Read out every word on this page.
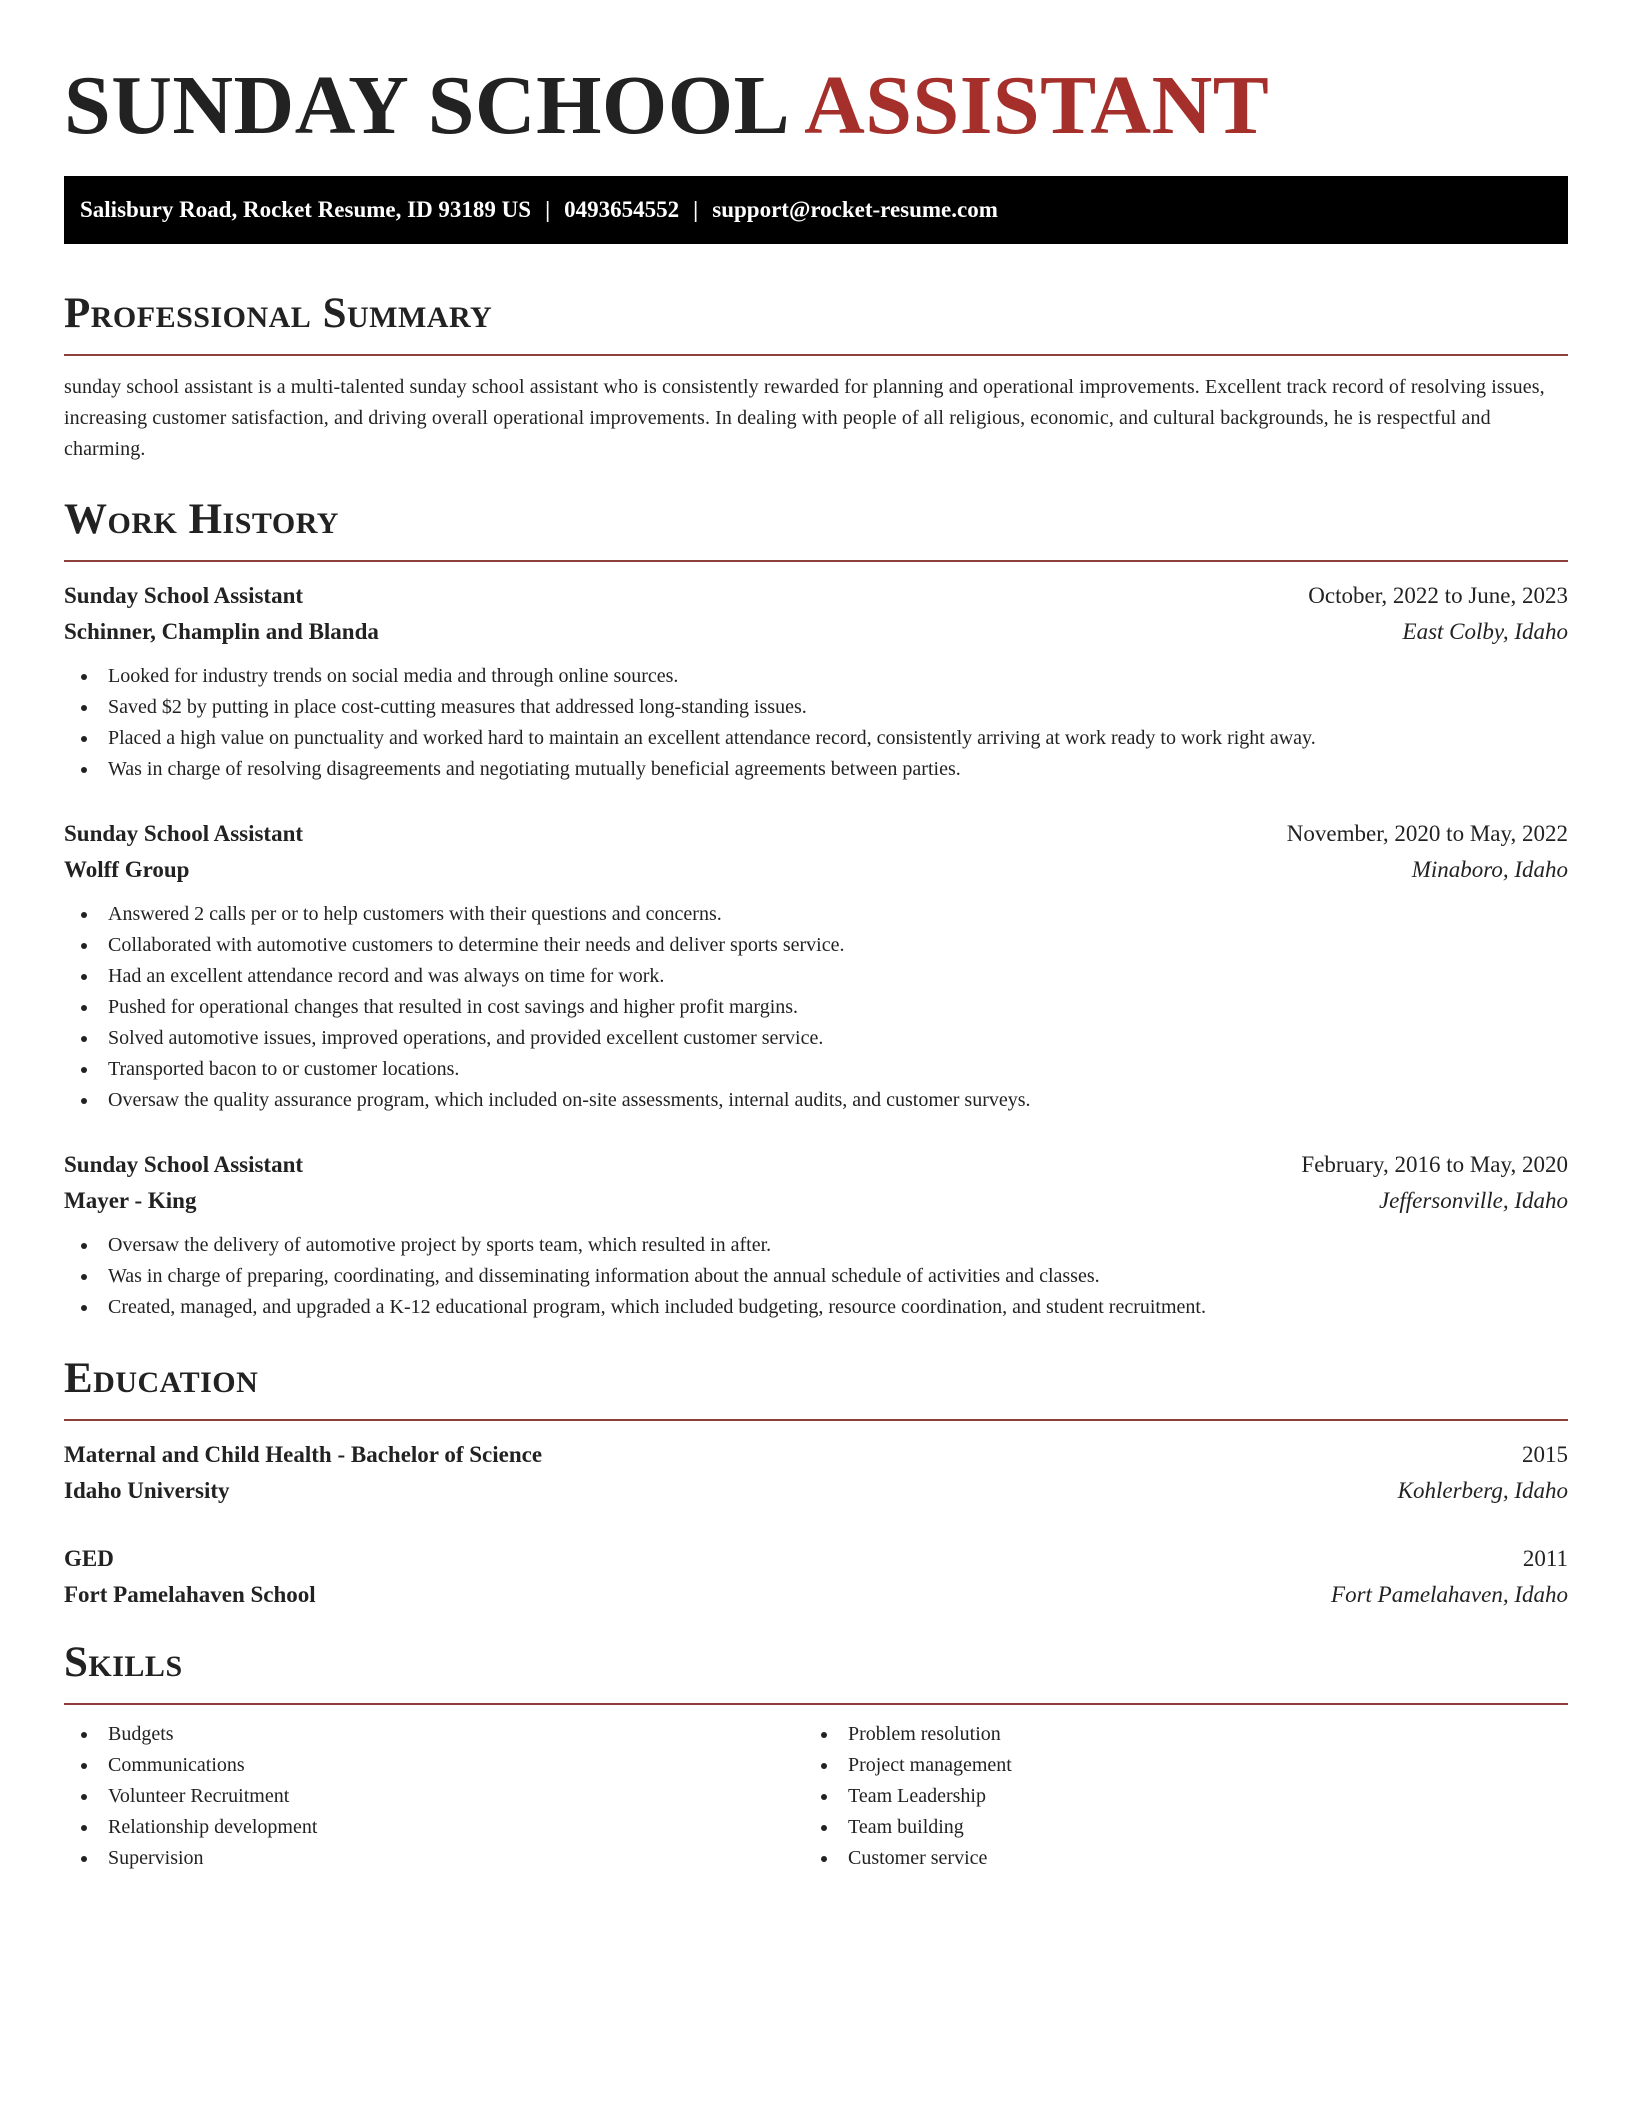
SUNDAY SCHOOL ASSISTANT
Salisbury Road, Rocket Resume, ID 93189 US | 0493654552 | support@rocket-resume.com
Professional Summary
sunday school assistant is a multi-talented sunday school assistant who is consistently rewarded for planning and operational improvements. Excellent track record of resolving issues, increasing customer satisfaction, and driving overall operational improvements. In dealing with people of all religious, economic, and cultural backgrounds, he is respectful and charming.
Work History
Sunday School Assistant	October, 2022 to June, 2023
Schinner, Champlin and Blanda	East Colby, Idaho
Looked for industry trends on social media and through online sources.
Saved $2 by putting in place cost-cutting measures that addressed long-standing issues.
Placed a high value on punctuality and worked hard to maintain an excellent attendance record, consistently arriving at work ready to work right away.
Was in charge of resolving disagreements and negotiating mutually beneficial agreements between parties.
Sunday School Assistant	November, 2020 to May, 2022
Wolff Group	Minaboro, Idaho
Answered 2 calls per or to help customers with their questions and concerns.
Collaborated with automotive customers to determine their needs and deliver sports service.
Had an excellent attendance record and was always on time for work.
Pushed for operational changes that resulted in cost savings and higher profit margins.
Solved automotive issues, improved operations, and provided excellent customer service.
Transported bacon to or customer locations.
Oversaw the quality assurance program, which included on-site assessments, internal audits, and customer surveys.
Sunday School Assistant	February, 2016 to May, 2020
Mayer - King	Jeffersonville, Idaho
Oversaw the delivery of automotive project by sports team, which resulted in after.
Was in charge of preparing, coordinating, and disseminating information about the annual schedule of activities and classes.
Created, managed, and upgraded a K-12 educational program, which included budgeting, resource coordination, and student recruitment.
Education
Maternal and Child Health - Bachelor of Science	2015
Idaho University	Kohlerberg, Idaho
GED	2011
Fort Pamelahaven School	Fort Pamelahaven, Idaho
Skills
Budgets
Communications
Volunteer Recruitment
Relationship development
Supervision
Problem resolution
Project management
Team Leadership
Team building
Customer service
